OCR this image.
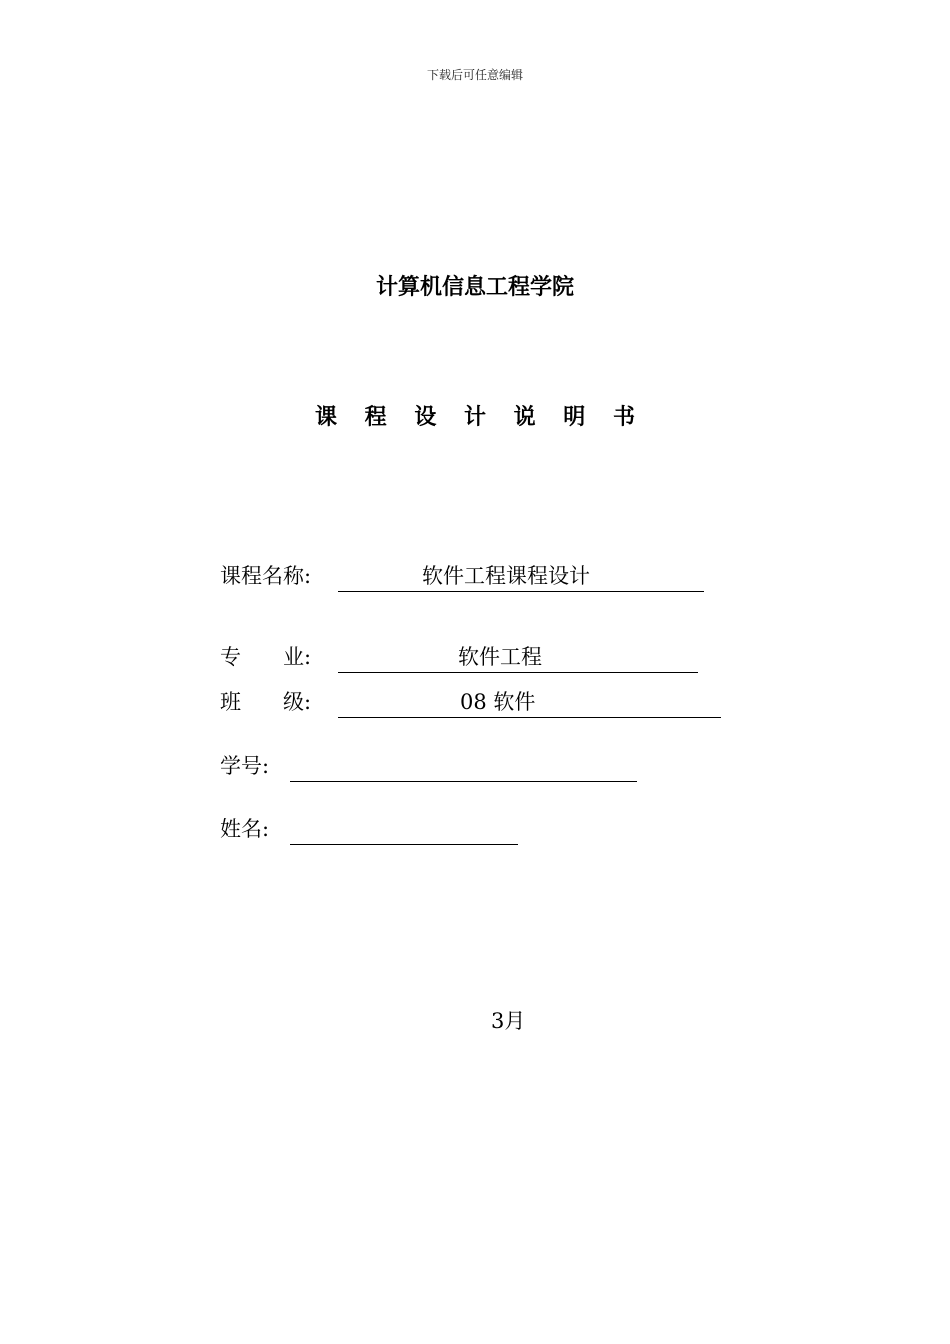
下载后可任意编辑
计算机信息工程学院
课 程 设 计 说 明 书
课程名称:	软件工程课程设计
专　　业:	软件工程
班　　级:	08 软件
学号:
姓名:
3月
